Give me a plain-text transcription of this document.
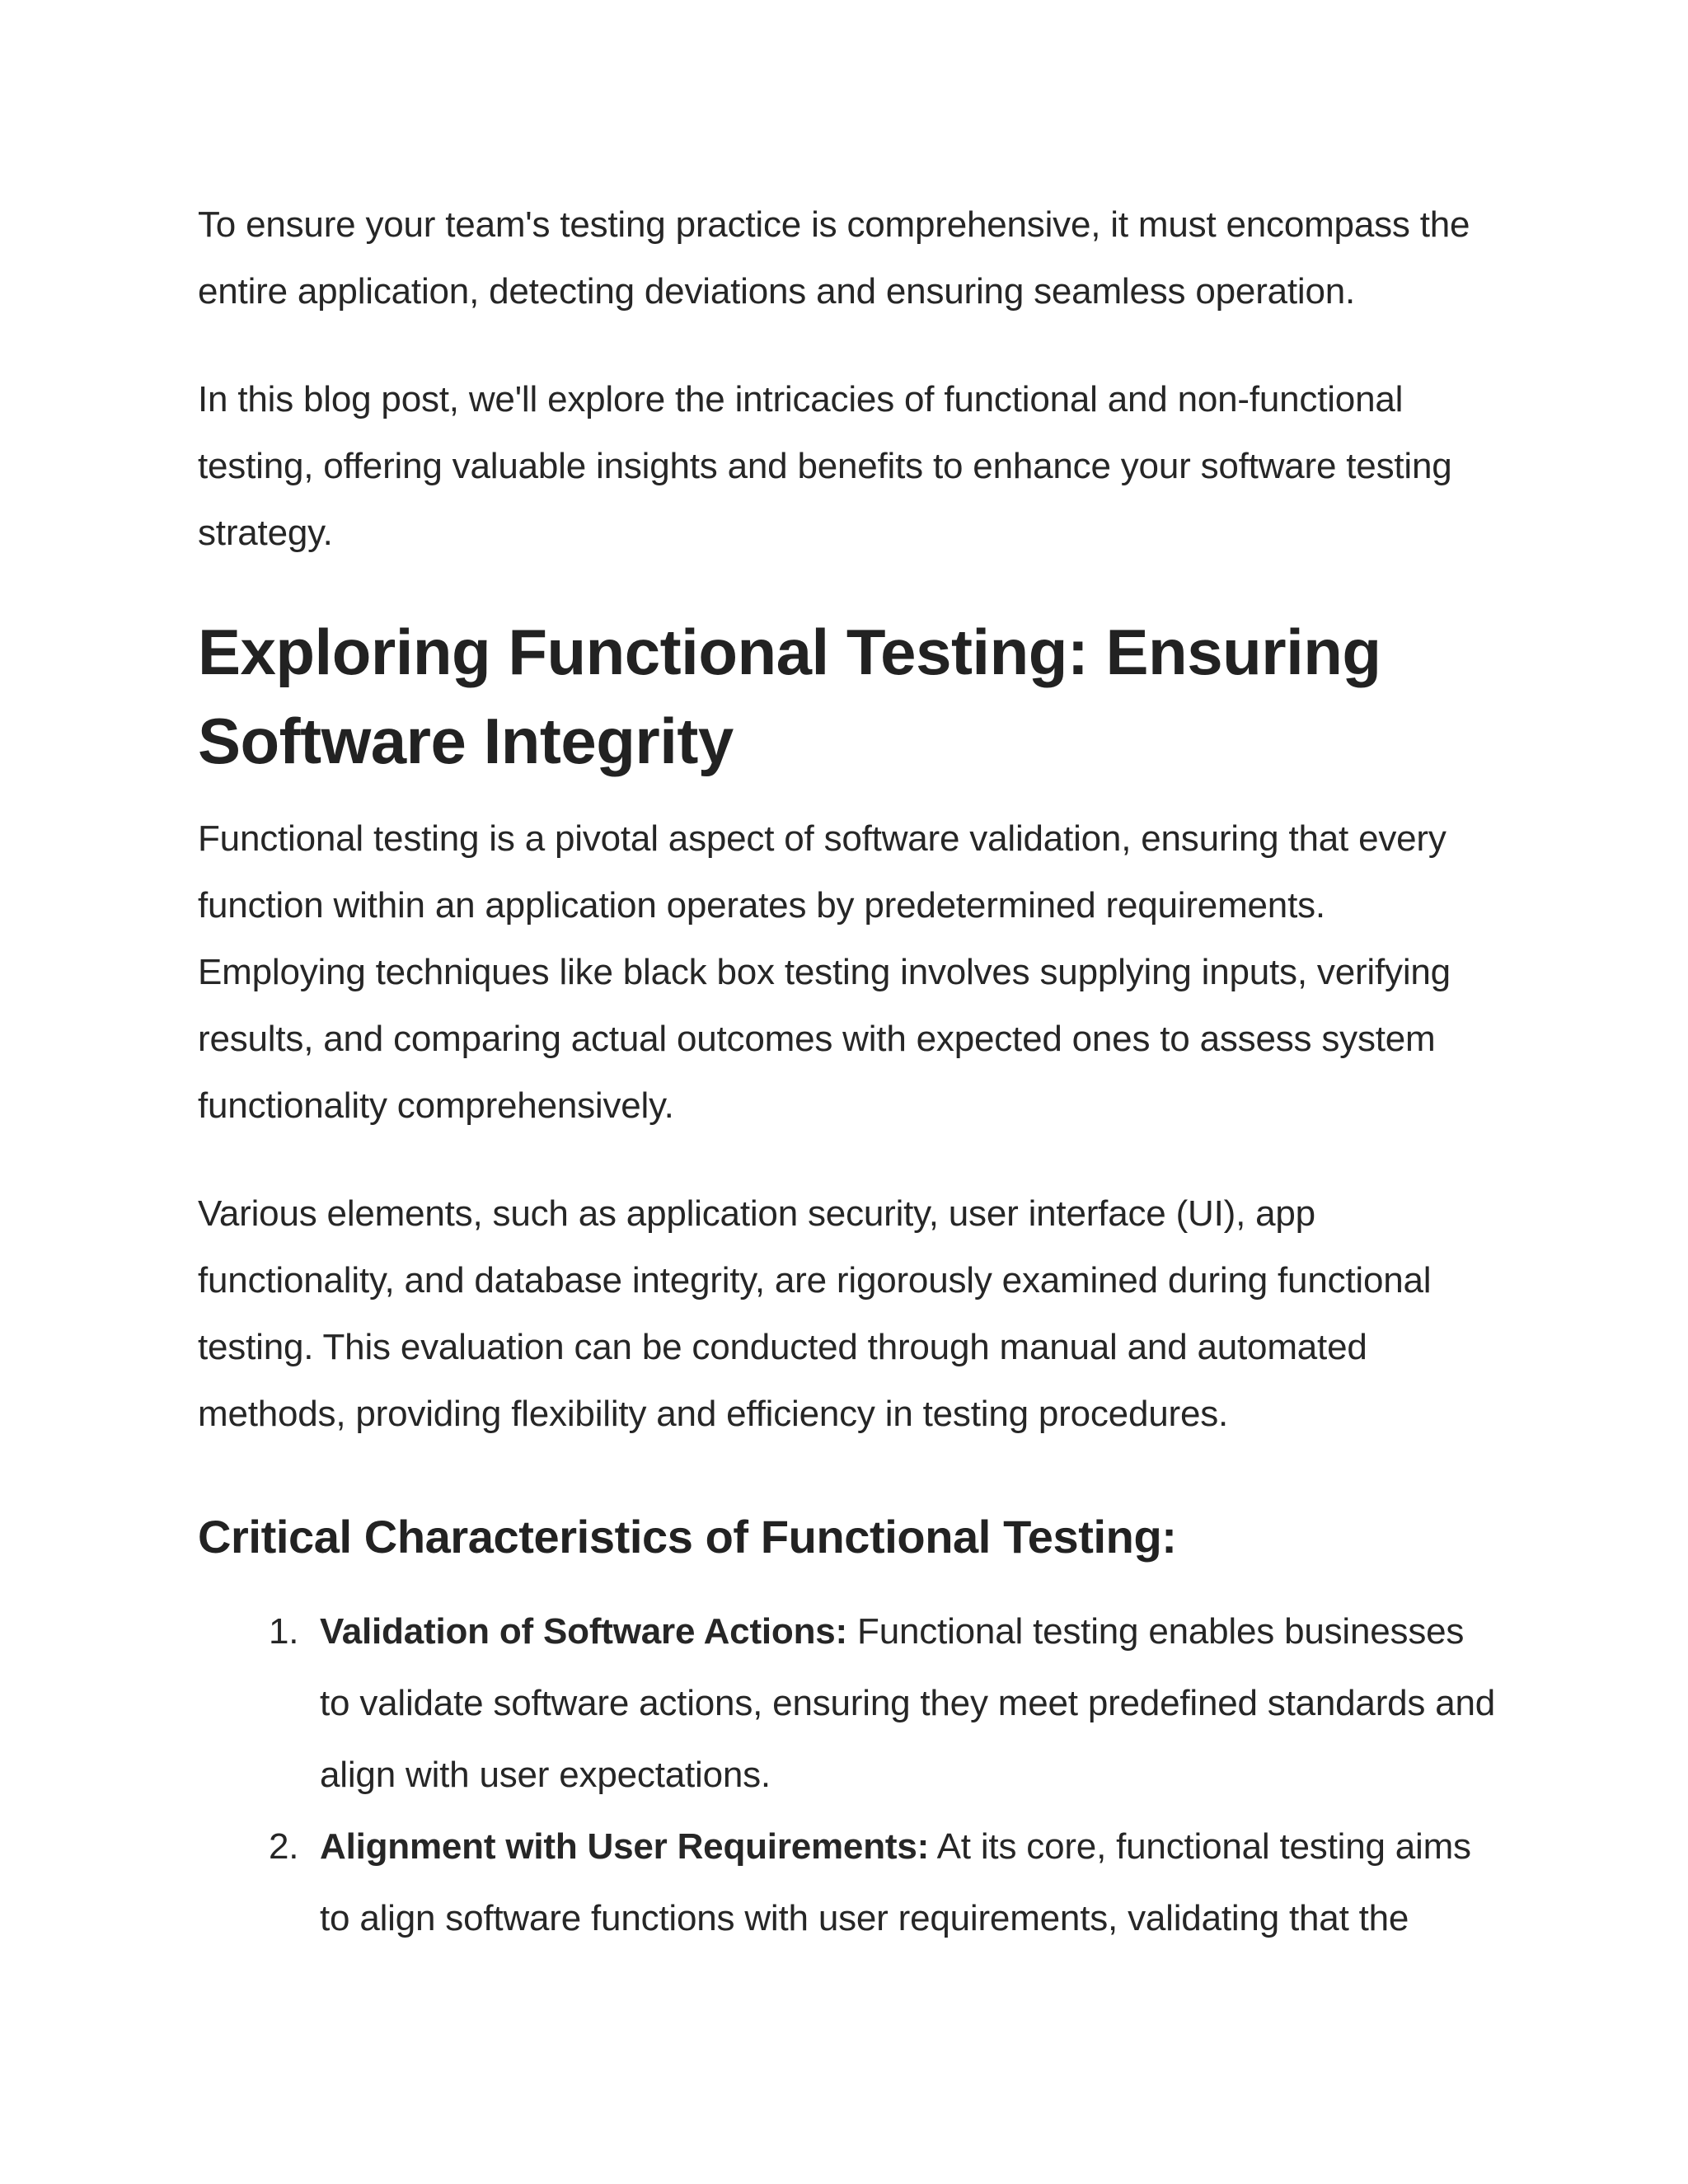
To ensure your team's testing practice is comprehensive, it must encompass the entire application, detecting deviations and ensuring seamless operation.

In this blog post, we'll explore the intricacies of functional and non-functional testing, offering valuable insights and benefits to enhance your software testing strategy.

Exploring Functional Testing: Ensuring Software Integrity

Functional testing is a pivotal aspect of software validation, ensuring that every function within an application operates by predetermined requirements. Employing techniques like black box testing involves supplying inputs, verifying results, and comparing actual outcomes with expected ones to assess system functionality comprehensively.

Various elements, such as application security, user interface (UI), app functionality, and database integrity, are rigorously examined during functional testing. This evaluation can be conducted through manual and automated methods, providing flexibility and efficiency in testing procedures.

Critical Characteristics of Functional Testing:
1. Validation of Software Actions: Functional testing enables businesses to validate software actions, ensuring they meet predefined standards and align with user expectations.
2. Alignment with User Requirements: At its core, functional testing aims to align software functions with user requirements, validating that the
